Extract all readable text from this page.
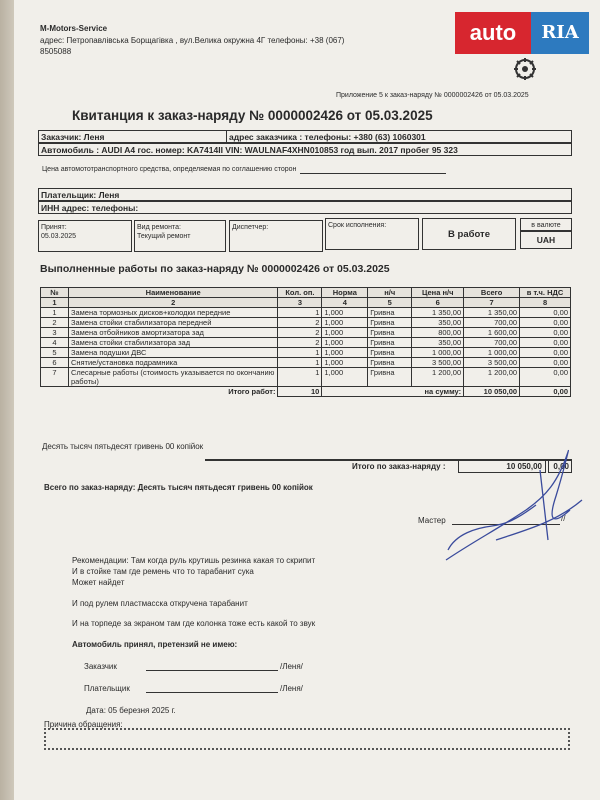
M-Motors-Service
адрес: Петропавлівська Борщагівка , вул.Велика окружна 4Г телефоны: +38 (067)
8505088
auto	RIA
Приложение 5 к заказ-наряду № 0000002426 от 05.03.2025
Квитанция к заказ-наряду № 0000002426 от 05.03.2025
Заказчик: Леня	адрес заказчика : телефоны: +380 (63) 1060301
Автомобиль : AUDI A4 гос. номер: KA7414II VIN: WAULNAF4XHN010853 год вып. 2017 пробег 95 323
Цена автомототранспортного средства, определяемая по соглашению сторон
Плательщик: Леня
ИНН адрес: телефоны:
Принят:
05.03.2025
Вид ремонта:
Текущий ремонт
Диспетчер:	Срок исполнения:
В работе
в валюте
UAH
Выполненные работы по заказ-наряду № 0000002426 от 05.03.2025
№	Наименование	Кол. оп.	Норма	н/ч	Цена н/ч	Всего	в т.ч. НДС
1	2	3	4	5	6	7	8
1	Замена тормозных дисков+колодки передние	1	1,000	Гривна	1 350,00	1 350,00	0,00
2	Замена стойки стабилизатора передней	2	1,000	Гривна	350,00	700,00	0,00
3	Замена отбойников амортизатора зад	2	1,000	Гривна	800,00	1 600,00	0,00
4	Замена стойки стабилизатора зад	2	1,000	Гривна	350,00	700,00	0,00
5	Замена подушки ДВС	1	1,000	Гривна	1 000,00	1 000,00	0,00
6	Снятие/установка подрамника	1	1,000	Гривна	3 500,00	3 500,00	0,00
7	Слесарные работы (стоимость указывается по окончанию работы)	1	1,000	Гривна	1 200,00	1 200,00	0,00
Итого работ:		10	на сумму:			10 050,00	0,00
Десять тысяч пятьдесят гривень 00 копійок
Итого по заказ-наряду :	10 050,00	0,00
Всего по заказ-наряду: Десять тысяч пятьдесят гривень 00 копійок
Мастер	//
Рекомендации: Там когда руль крутишь резинка какая то скрипит
И в стойке там где ремень что то тарабанит сука
Может найдет
И под рулем пластмасска откручена тарабанит
И на торпеде за экраном там где колонка тоже есть какой то звук
Автомобиль принял, претензий не имею:
Заказчик	/Леня/
Плательщик	/Леня/
Дата: 05 березня 2025 г.
Причина обращения:
